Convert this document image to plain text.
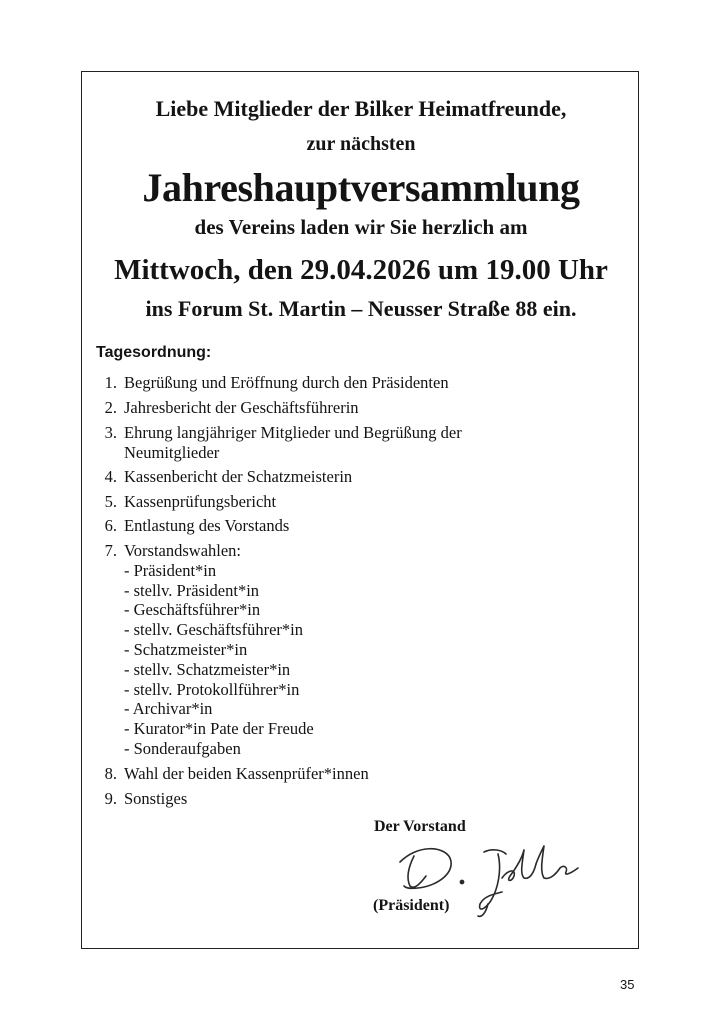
Liebe Mitglieder der Bilker Heimatfreunde,
zur nächsten
Jahreshauptversammlung
des Vereins laden wir Sie herzlich am
Mittwoch, den 29.04.2026 um 19.00 Uhr
ins Forum St. Martin – Neusser Straße 88 ein.
Tagesordnung:
1. Begrüßung und Eröffnung durch den Präsidenten
2. Jahresbericht der Geschäftsführerin
3. Ehrung langjähriger Mitglieder und Begrüßung der
Neumitglieder
4. Kassenbericht der Schatzmeisterin
5. Kassenprüfungsbericht
6. Entlastung des Vorstands
7. Vorstandswahlen:
- Präsident*in
- stellv. Präsident*in
- Geschäftsführer*in
- stellv. Geschäftsführer*in
- Schatzmeister*in
- stellv. Schatzmeister*in
- stellv. Protokollführer*in
- Archivar*in
- Kurator*in Pate der Freude
- Sonderaufgaben
8. Wahl der beiden Kassenprüfer*innen
9. Sonstiges
Der Vorstand
(Präsident)
35
